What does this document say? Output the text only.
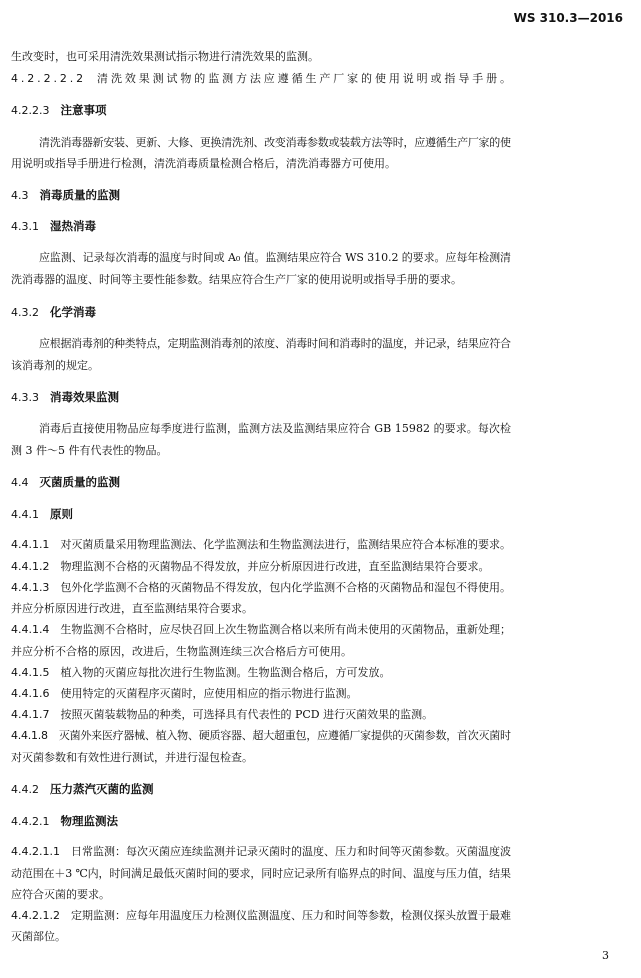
WS 310.3—2016
生改变时，也可采用清洗效果测试指示物进行清洗效果的监测。
4.2.2.2.2 清洗效果测试物的监测方法应遵循生产厂家的使用说明或指导手册。
4.2.2.3 注意事项
清洗消毒器新安装、更新、大修、更换清洗剂、改变消毒参数或装载方法等时，应遵循生产厂家的使
用说明或指导手册进行检测，清洗消毒质量检测合格后，清洗消毒器方可使用。
4.3 消毒质量的监测
4.3.1 湿热消毒
应监测、记录每次消毒的温度与时间或 A₀ 值。监测结果应符合 WS 310.2 的要求。应每年检测清
洗消毒器的温度、时间等主要性能参数。结果应符合生产厂家的使用说明或指导手册的要求。
4.3.2 化学消毒
应根据消毒剂的种类特点，定期监测消毒剂的浓度、消毒时间和消毒时的温度，并记录，结果应符合
该消毒剂的规定。
4.3.3 消毒效果监测
消毒后直接使用物品应每季度进行监测，监测方法及监测结果应符合 GB 15982 的要求。每次检
测 3 件～5 件有代表性的物品。
4.4 灭菌质量的监测
4.4.1 原则
4.4.1.1 对灭菌质量采用物理监测法、化学监测法和生物监测法进行，监测结果应符合本标准的要求。
4.4.1.2 物理监测不合格的灭菌物品不得发放，并应分析原因进行改进，直至监测结果符合要求。
4.4.1.3 包外化学监测不合格的灭菌物品不得发放，包内化学监测不合格的灭菌物品和湿包不得使用。
并应分析原因进行改进，直至监测结果符合要求。
4.4.1.4 生物监测不合格时，应尽快召回上次生物监测合格以来所有尚未使用的灭菌物品，重新处理；
并应分析不合格的原因，改进后，生物监测连续三次合格后方可使用。
4.4.1.5 植入物的灭菌应每批次进行生物监测。生物监测合格后，方可发放。
4.4.1.6 使用特定的灭菌程序灭菌时，应使用相应的指示物进行监测。
4.4.1.7 按照灭菌装载物品的种类，可选择具有代表性的 PCD 进行灭菌效果的监测。
4.4.1.8 灭菌外来医疗器械、植入物、硬质容器、超大超重包，应遵循厂家提供的灭菌参数，首次灭菌时
对灭菌参数和有效性进行测试，并进行湿包检查。
4.4.2 压力蒸汽灭菌的监测
4.4.2.1 物理监测法
4.4.2.1.1 日常监测：每次灭菌应连续监测并记录灭菌时的温度、压力和时间等灭菌参数。灭菌温度波
动范围在＋3 ℃内，时间满足最低灭菌时间的要求，同时应记录所有临界点的时间、温度与压力值，结果
应符合灭菌的要求。
4.4.2.1.2 定期监测：应每年用温度压力检测仪监测温度、压力和时间等参数，检测仪探头放置于最难
灭菌部位。
3
